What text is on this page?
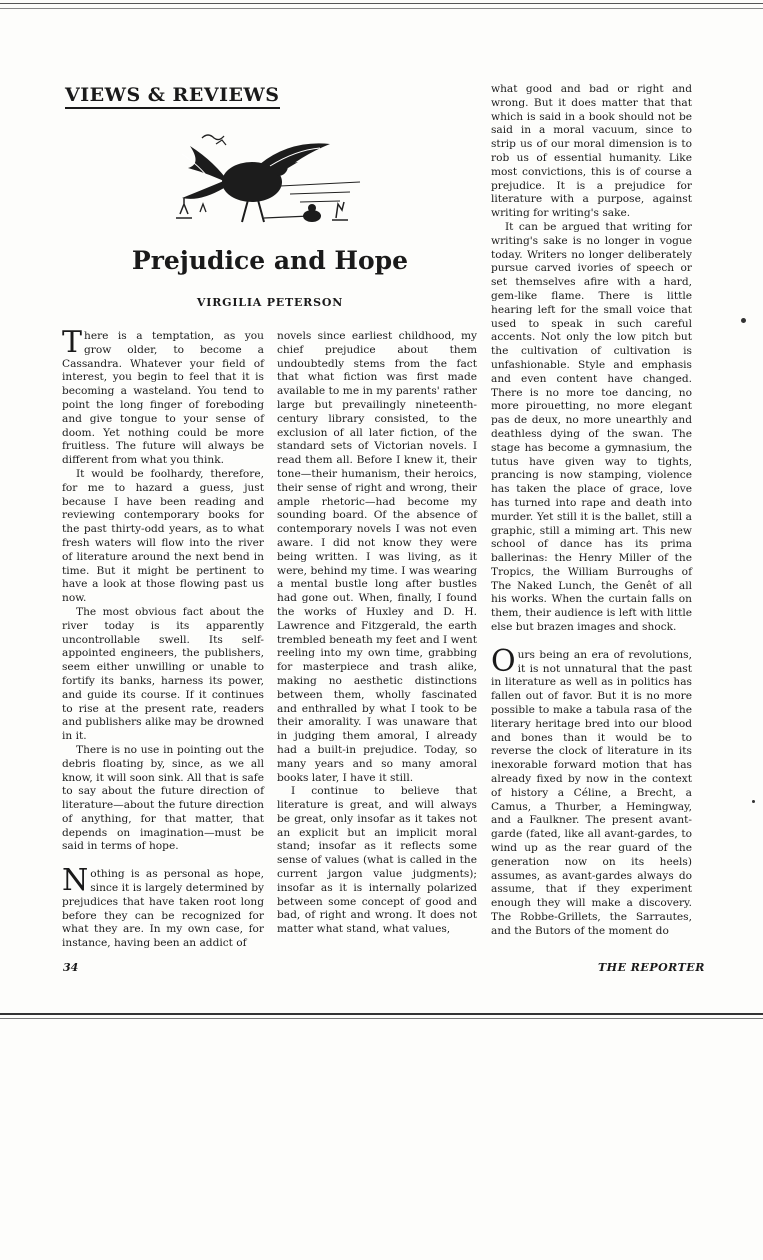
VIEWS & REVIEWS
Prejudice and Hope
VIRGILIA PETERSON

There is a temptation, as you grow older, to become a Cassandra. Whatever your field of interest, you begin to feel that it is becoming a wasteland. You tend to point the long finger of foreboding and give tongue to your sense of doom. Yet nothing could be more fruitless. The future will always be different from what you think.

It would be foolhardy, therefore, for me to hazard a guess, just because I have been reading and reviewing contemporary books for the past thirty-odd years, as to what fresh waters will flow into the river of literature around the next bend in time. But it might be pertinent to have a look at those flowing past us now.

The most obvious fact about the river today is its apparently uncontrollable swell. Its self-appointed engineers, the publishers, seem either unwilling or unable to fortify its banks, harness its power, and guide its course. If it continues to rise at the present rate, readers and publishers alike may be drowned in it.

There is no use in pointing out the debris floating by, since, as we all know, it will soon sink. All that is safe to say about the future direction of literature—about the future direction of anything, for that matter, that depends on imagination—must be said in terms of hope.

Nothing is as personal as hope, since it is largely determined by prejudices that have taken root long before they can be recognized for what they are. In my own case, for instance, having been an addict of

novels since earliest childhood, my chief prejudice about them undoubtedly stems from the fact that what fiction was first made available to me in my parents' rather large but prevailingly nineteenth-century library consisted, to the exclusion of all later fiction, of the standard sets of Victorian novels. I read them all. Before I knew it, their tone—their humanism, their heroics, their sense of right and wrong, their ample rhetoric—had become my sounding board. Of the absence of contemporary novels I was not even aware. I did not know they were being written. I was living, as it were, behind my time. I was wearing a mental bustle long after bustles had gone out. When, finally, I found the works of Huxley and D. H. Lawrence and Fitzgerald, the earth trembled beneath my feet and I went reeling into my own time, grabbing for masterpiece and trash alike, making no aesthetic distinctions between them, wholly fascinated and enthralled by what I took to be their amorality. I was unaware that in judging them amoral, I already had a built-in prejudice. Today, so many years and so many amoral books later, I have it still.

I continue to believe that literature is great, and will always be great, only insofar as it takes not an explicit but an implicit moral stand; insofar as it reflects some sense of values (what is called in the current jargon value judgments); insofar as it is internally polarized between some concept of good and bad, of right and wrong. It does not matter what stand, what values,

what good and bad or right and wrong. But it does matter that that which is said in a book should not be said in a moral vacuum, since to strip us of our moral dimension is to rob us of essential humanity. Like most convictions, this is of course a prejudice. It is a prejudice for literature with a purpose, against writing for writing's sake.

It can be argued that writing for writing's sake is no longer in vogue today. Writers no longer deliberately pursue carved ivories of speech or set themselves afire with a hard, gem-like flame. There is little hearing left for the small voice that used to speak in such careful accents. Not only the low pitch but the cultivation of cultivation is unfashionable. Style and emphasis and even content have changed. There is no more toe dancing, no more pirouetting, no more elegant pas de deux, no more unearthly and deathless dying of the swan. The stage has become a gymnasium, the tutus have given way to tights, prancing is now stamping, violence has taken the place of grace, love has turned into rape and death into murder. Yet still it is the ballet, still a graphic, still a miming art. This new school of dance has its prima ballerinas: the Henry Miller of the Tropics, the William Burroughs of The Naked Lunch, the Genêt of all his works. When the curtain falls on them, their audience is left with little else but brazen images and shock.

Ours being an era of revolutions, it is not unnatural that the past in literature as well as in politics has fallen out of favor. But it is no more possible to make a tabula rasa of the literary heritage bred into our blood and bones than it would be to reverse the clock of literature in its inexorable forward motion that has already fixed by now in the context of history a Céline, a Brecht, a Camus, a Thurber, a Hemingway, and a Faulkner. The present avant-garde (fated, like all avant-gardes, to wind up as the rear guard of the generation now on its heels) assumes, as avant-gardes always do assume, that if they experiment enough they will make a discovery. The Robbe-Grillets, the Sarrautes, and the Butors of the moment do

34	THE REPORTER
